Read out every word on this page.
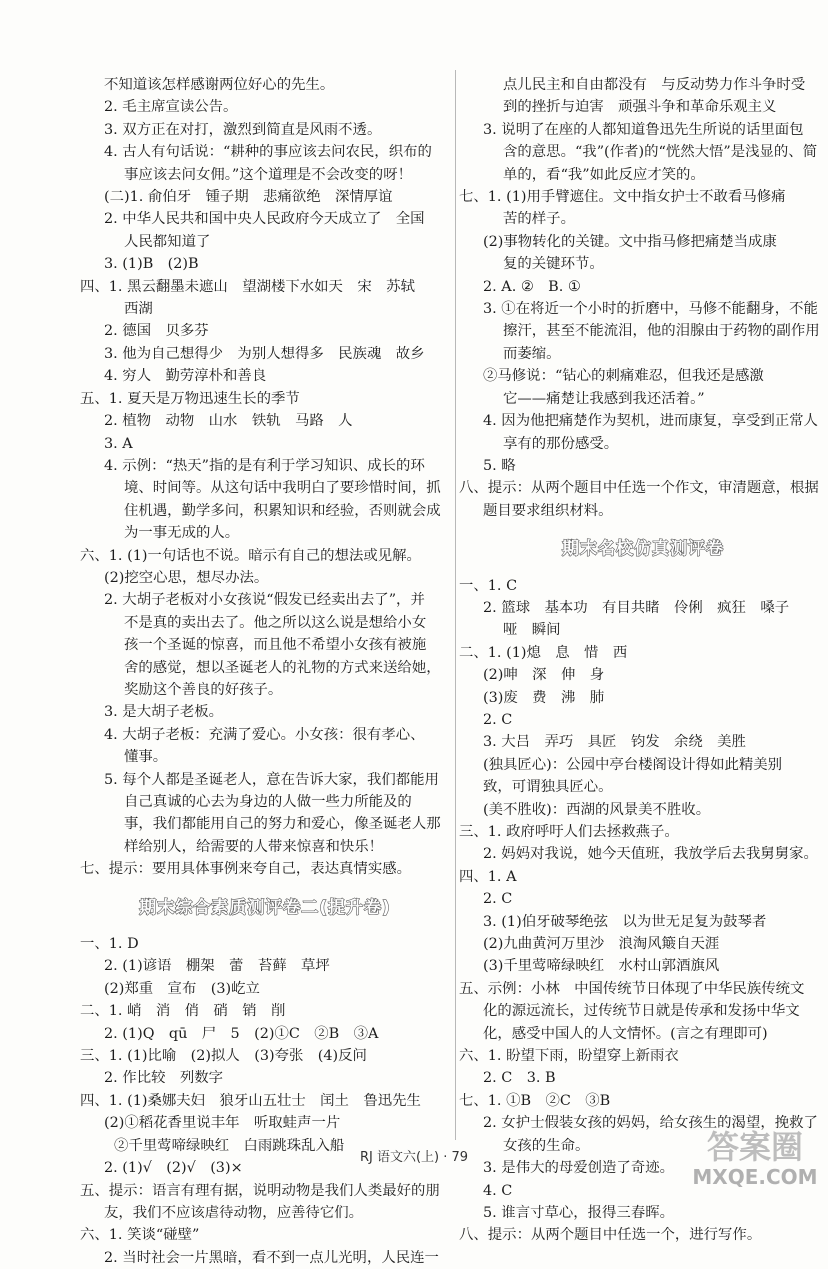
不知道该怎样感谢两位好心的先生。
2. 毛主席宣读公告。
3. 双方正在对打，激烈到简直是风雨不透。
4. 古人有句话说：“耕种的事应该去问农民，织布的
事应该去问女佣。”这个道理是不会改变的呀！
(二)1. 俞伯牙　锺子期　悲痛欲绝　深情厚谊
2. 中华人民共和国中央人民政府今天成立了　全国
人民都知道了
3. (1)B　(2)B
四、1. 黑云翻墨未遮山　望湖楼下水如天　宋　苏轼
西湖
2. 德国　贝多芬
3. 他为自己想得少　为别人想得多　民族魂　故乡
4. 穷人　勤劳淳朴和善良
五、1. 夏天是万物迅速生长的季节
2. 植物　动物　山水　铁轨　马路　人
3. A
4. 示例：“热天”指的是有利于学习知识、成长的环
境、时间等。从这句话中我明白了要珍惜时间，抓
住机遇，勤学多问，积累知识和经验，否则就会成
为一事无成的人。
六、1. (1)一句话也不说。暗示有自己的想法或见解。
(2)挖空心思，想尽办法。
2. 大胡子老板对小女孩说“假发已经卖出去了”，并
不是真的卖出去了。他之所以这么说是想给小女
孩一个圣诞的惊喜，而且他不希望小女孩有被施
舍的感觉，想以圣诞老人的礼物的方式来送给她，
奖励这个善良的好孩子。
3. 是大胡子老板。
4. 大胡子老板：充满了爱心。小女孩：很有孝心、
懂事。
5. 每个人都是圣诞老人，意在告诉大家，我们都能用
自己真诚的心去为身边的人做一些力所能及的
事，我们都能用自己的努力和爱心，像圣诞老人那
样给别人，给需要的人带来惊喜和快乐！
七、提示：要用具体事例来夸自己，表达真情实感。
期末综合素质测评卷二(提升卷)
一、1. D
2. (1)谚语　棚架　蕾　苔藓　草坪
(2)郑重　宣布　(3)屹立
二、1. 峭　消　俏　硝　销　削
2. (1)Q　qū　尸　5　(2)①C　②B　③A
三、1. (1)比喻　(2)拟人　(3)夸张　(4)反问
2. 作比较　列数字
四、1. (1)桑娜夫妇　狼牙山五壮士　闰土　鲁迅先生
(2)①稻花香里说丰年　听取蛙声一片
②千里莺啼绿映红　白雨跳珠乱入船
2. (1)√　(2)√　(3)×
五、提示：语言有理有据，说明动物是我们人类最好的朋
友，我们不应该虐待动物，应善待它们。
六、1. 笑谈“碰壁”
2. 当时社会一片黑暗，看不到一点儿光明，人民连一
点儿民主和自由都没有　与反动势力作斗争时受
到的挫折与迫害　顽强斗争和革命乐观主义
3. 说明了在座的人都知道鲁迅先生所说的话里面包
含的意思。“我”(作者)的“恍然大悟”是浅显的、简
单的，看“我”如此反应才笑的。
七、1. (1)用手臂遮住。文中指女护士不敢看马修痛
苦的样子。
(2)事物转化的关键。文中指马修把痛楚当成康
复的关键环节。
2. A. ②　B. ①
3. ①在将近一个小时的折磨中，马修不能翻身，不能
擦汗，甚至不能流泪，他的泪腺由于药物的副作用
而萎缩。
②马修说：“钻心的刺痛难忍，但我还是感激
它——痛楚让我感到我还活着。”
4. 因为他把痛楚作为契机，进而康复，享受到正常人
享有的那份感受。
5. 略
八、提示：从两个题目中任选一个作文，审清题意，根据
题目要求组织材料。
期末名校仿真测评卷
一、1. C
2. 篮球　基本功　有目共睹　伶俐　疯狂　嗓子
哑　瞬间
二、1. (1)熄　息　惜　西
(2)呻　深　伸　身
(3)废　费　沸　肺
2. C
3. 大吕　弄巧　具匠　钧发　余绕　美胜
(独具匠心)：公园中亭台楼阁设计得如此精美别
致，可谓独具匠心。
(美不胜收)：西湖的风景美不胜收。
三、1. 政府呼吁人们去拯救燕子。
2. 妈妈对我说，她今天值班，我放学后去我舅舅家。
四、1. A
2. C
3. (1)伯牙破琴绝弦　以为世无足复为鼓琴者
(2)九曲黄河万里沙　浪淘风簸自天涯
(3)千里莺啼绿映红　水村山郭酒旗风
五、示例：小林　中国传统节日体现了中华民族传统文
化的源远流长，过传统节日就是传承和发扬中华文
化，感受中国人的人文情怀。(言之有理即可)
六、1. 盼望下雨，盼望穿上新雨衣
2. C　3. B
七、1. ①B　②C　③B
2. 女护士假装女孩的妈妈，给女孩生的渴望，挽救了
女孩的生命。
3. 是伟大的母爱创造了奇迹。
4. C
5. 谁言寸草心，报得三春晖。
八、提示：从两个题目中任选一个，进行写作。
RJ 语文六(上) · 79	答案圈
MXQE.COM
